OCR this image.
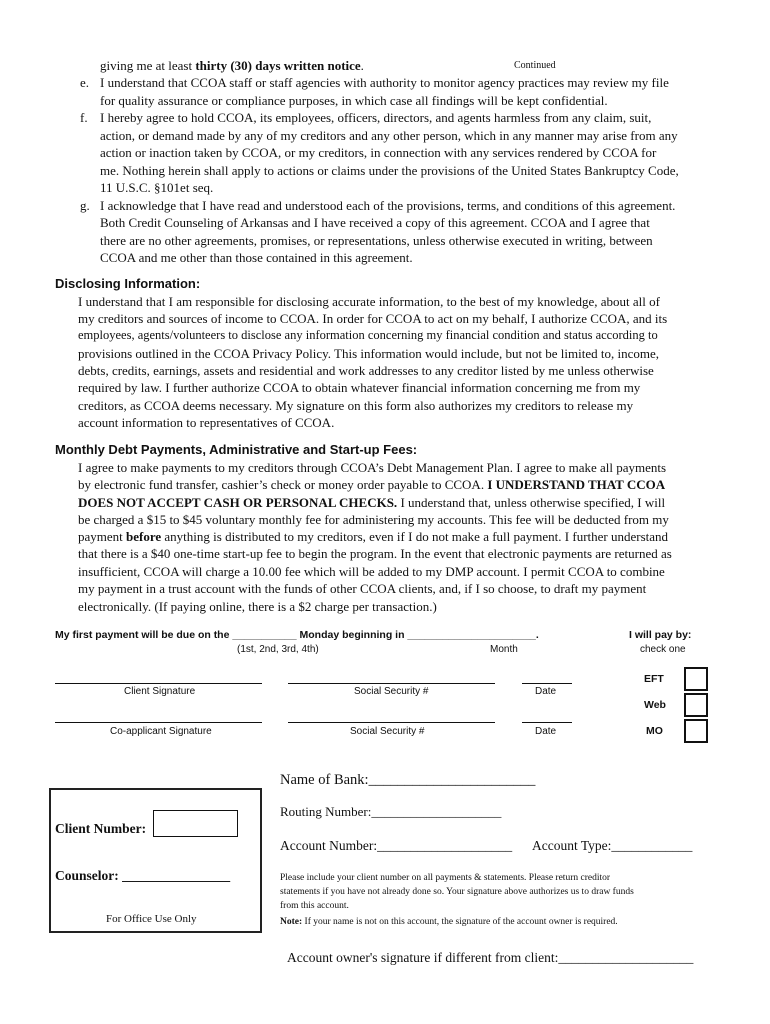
giving me at least thirty (30) days written notice.	Continued
e. I understand that CCOA staff or staff agencies with authority to monitor agency practices may review my file
for quality assurance or compliance purposes, in which case all findings will be kept confidential.
f. I hereby agree to hold CCOA, its employees, officers, directors, and agents harmless from any claim, suit,
action, or demand made by any of my creditors and any other person, which in any manner may arise from any
action or inaction taken by CCOA, or my creditors, in connection with any services rendered by CCOA for
me. Nothing herein shall apply to actions or claims under the provisions of the United States Bankruptcy Code,
11 U.S.C. §101et seq.
g. I acknowledge that I have read and understood each of the provisions, terms, and conditions of this agreement.
Both Credit Counseling of Arkansas and I have received a copy of this agreement. CCOA and I agree that
there are no other agreements, promises, or representations, unless otherwise executed in writing, between
CCOA and me other than those contained in this agreement.
Disclosing Information:
I understand that I am responsible for disclosing accurate information, to the best of my knowledge, about all of
my creditors and sources of income to CCOA. In order for CCOA to act on my behalf, I authorize CCOA, and its
employees, agents/volunteers to disclose any information concerning my financial condition and status according to
provisions outlined in the CCOA Privacy Policy. This information would include, but not be limited to, income,
debts, credits, earnings, assets and residential and work addresses to any creditor listed by me unless otherwise
required by law. I further authorize CCOA to obtain whatever financial information concerning me from my
creditors, as CCOA deems necessary. My signature on this form also authorizes my creditors to release my
account information to representatives of CCOA.
Monthly Debt Payments, Administrative and Start-up Fees:
I agree to make payments to my creditors through CCOA’s Debt Management Plan. I agree to make all payments
by electronic fund transfer, cashier’s check or money order payable to CCOA. I UNDERSTAND THAT CCOA
DOES NOT ACCEPT CASH OR PERSONAL CHECKS. I understand that, unless otherwise specified, I will
be charged a $15 to $45 voluntary monthly fee for administering my accounts. This fee will be deducted from my
payment before anything is distributed to my creditors, even if I do not make a full payment. I further understand
that there is a $40 one-time start-up fee to begin the program. In the event that electronic payments are returned as
insufficient, CCOA will charge a 10.00 fee which will be added to my DMP account. I permit CCOA to combine
my payment in a trust account with the funds of other CCOA clients, and, if I so choose, to draft my payment
electronically. (If paying online, there is a $2 charge per transaction.)
My first payment will be due on the ___________ Monday beginning in ______________________.
(1st, 2nd, 3rd, 4th)	Month
I will pay by:
check one
EFT
Web
MO
Client Signature	Social Security #	Date
Co-applicant Signature	Social Security #	Date
Client Number:
Counselor: ________________
For Office Use Only
Name of Bank:_______________________
Routing Number:____________________
Account Number:____________________ Account Type:____________
Please include your client number on all payments & statements. Please return creditor
statements if you have not already done so. Your signature above authorizes us to draw funds
from this account.
Note: If your name is not on this account, the signature of the account owner is required.
Account owner's signature if different from client:____________________
